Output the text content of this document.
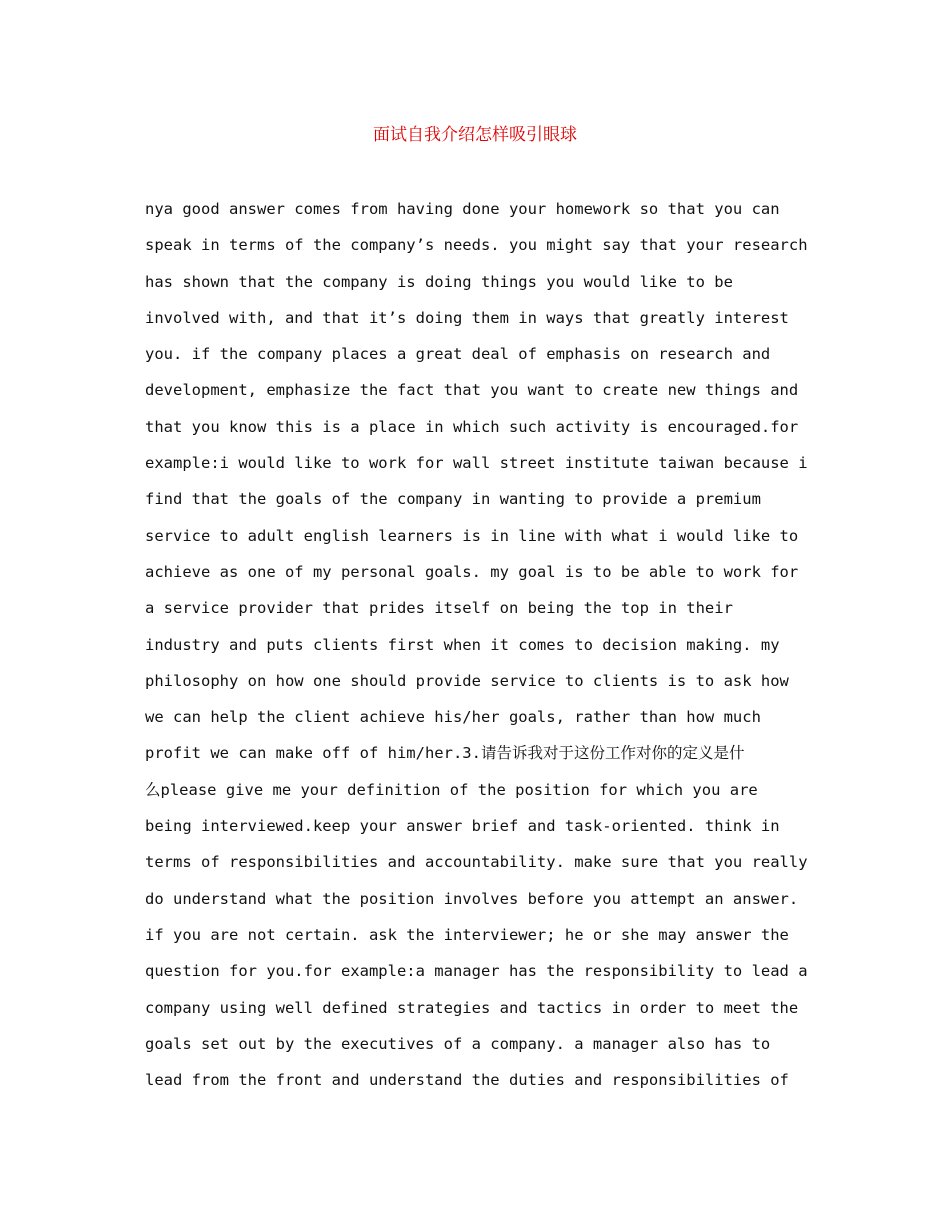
面试自我介绍怎样吸引眼球
nya good answer comes from having done your homework so that you can
speak in terms of the company’s needs. you might say that your research
has shown that the company is doing things you would like to be
involved with, and that it’s doing them in ways that greatly interest
you. if the company places a great deal of emphasis on research and
development, emphasize the fact that you want to create new things and
that you know this is a place in which such activity is encouraged.for
example:i would like to work for wall street institute taiwan because i
find that the goals of the company in wanting to provide a premium
service to adult english learners is in line with what i would like to
achieve as one of my personal goals. my goal is to be able to work for
a service provider that prides itself on being the top in their
industry and puts clients first when it comes to decision making. my
philosophy on how one should provide service to clients is to ask how
we can help the client achieve his/her goals, rather than how much
profit we can make off of him/her.3.请告诉我对于这份工作对你的定义是什
么please give me your definition of the position for which you are
being interviewed.keep your answer brief and task-oriented. think in
terms of responsibilities and accountability. make sure that you really
do understand what the position involves before you attempt an answer.
if you are not certain. ask the interviewer; he or she may answer the
question for you.for example:a manager has the responsibility to lead a
company using well defined strategies and tactics in order to meet the
goals set out by the executives of a company. a manager also has to
lead from the front and understand the duties and responsibilities of
